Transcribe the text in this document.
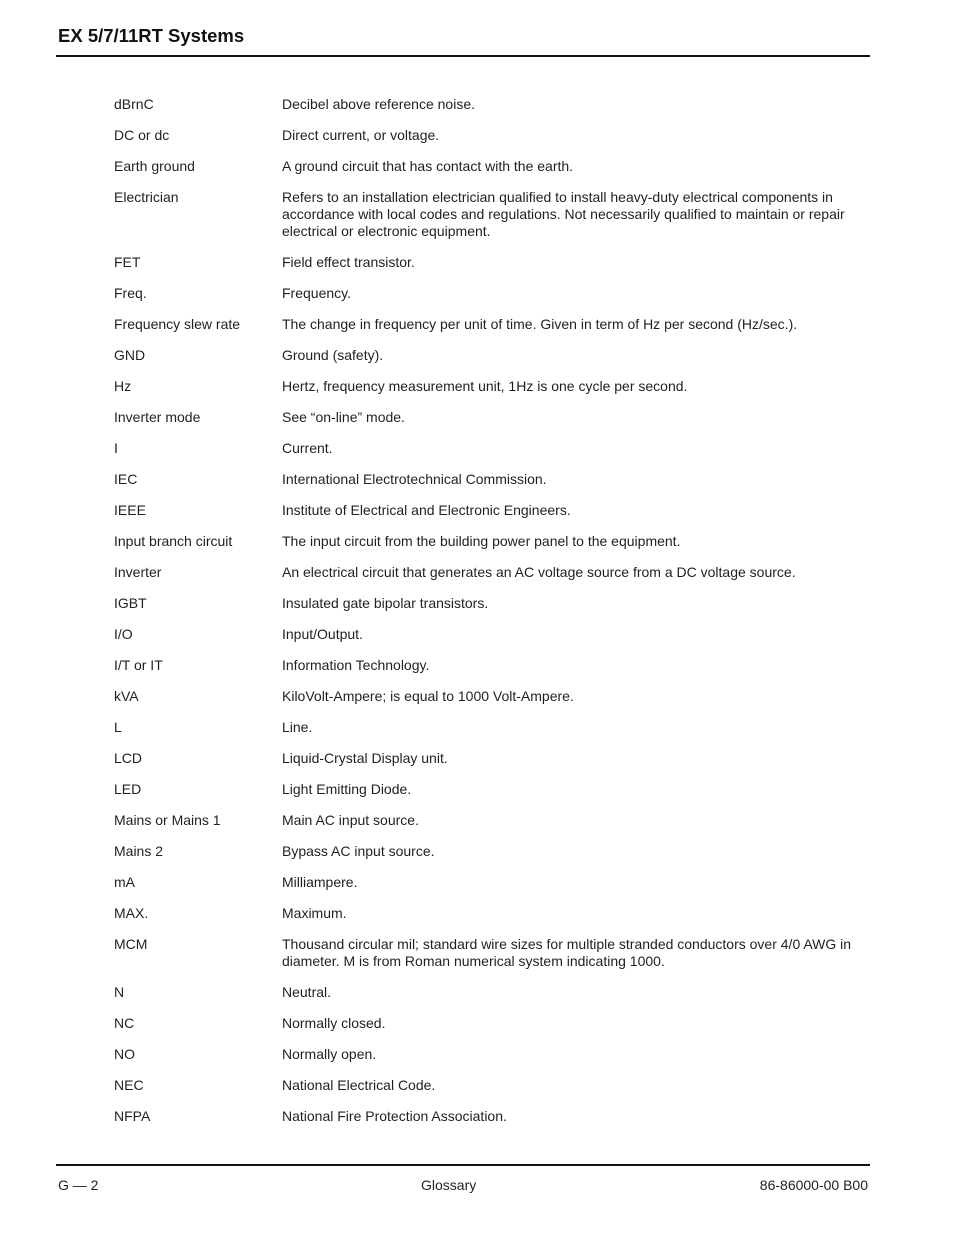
EX 5/7/11RT Systems
dBrnC	Decibel above reference noise.
DC or dc	Direct current, or voltage.
Earth ground	A ground circuit that has contact with the earth.
Electrician	Refers to an installation electrician qualified to install heavy-duty electrical components in accordance with local codes and regulations. Not necessarily qualified to maintain or repair electrical or electronic equipment.
FET	Field effect transistor.
Freq.	Frequency.
Frequency slew rate	The change in frequency per unit of time. Given in term of Hz per second (Hz/sec.).
GND	Ground (safety).
Hz	Hertz, frequency measurement unit, 1Hz is one cycle per second.
Inverter mode	See “on-line” mode.
I	Current.
IEC	International Electrotechnical Commission.
IEEE	Institute of Electrical and Electronic Engineers.
Input branch circuit	The input circuit from the building power panel to the equipment.
Inverter	An electrical circuit that generates an AC voltage source from a DC voltage source.
IGBT	Insulated gate bipolar transistors.
I/O	Input/Output.
I/T or IT	Information Technology.
kVA	KiloVolt-Ampere; is equal to 1000 Volt-Ampere.
L	Line.
LCD	Liquid-Crystal Display unit.
LED	Light Emitting Diode.
Mains or Mains 1	Main AC input source.
Mains 2	Bypass AC input source.
mA	Milliampere.
MAX.	Maximum.
MCM	Thousand circular mil; standard wire sizes for multiple stranded conductors over 4/0 AWG in diameter. M is from Roman numerical system indicating 1000.
N	Neutral.
NC	Normally closed.
NO	Normally open.
NEC	National Electrical Code.
NFPA	National Fire Protection Association.
G — 2	Glossary	86-86000-00 B00
